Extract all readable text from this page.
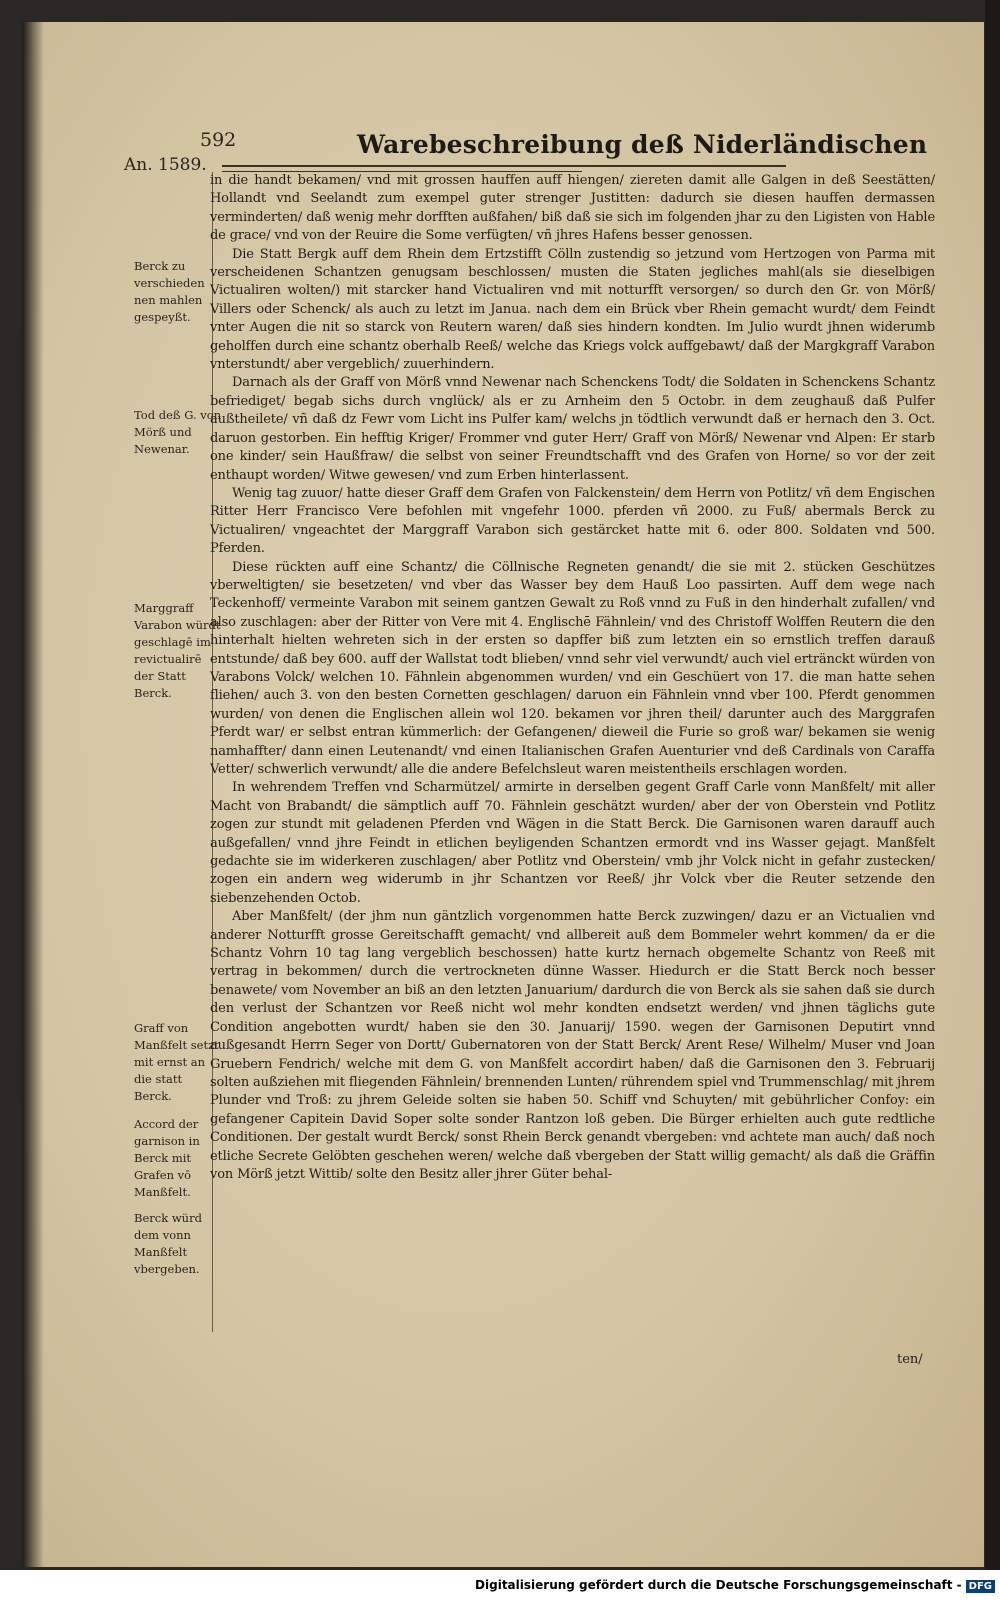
An. 1589.
592	Warebeschreibung deß Niderländischen
Berck zu verschieden nen mahlen gespeyßt.
Tod deß G. von Mörß und Newenar.
Marggraff Varabon würdt geschlagē im revictualirē der Statt Berck.
Graff von Manßfelt setzt mit ernst an die statt Berck.
Accord der garnison in Berck mit Grafen vō Manßfelt.
Berck würd dem vonn Manßfelt vbergeben.

in die handt bekamen/ vnd mit grossen hauffen auff hiengen/ ziereten damit alle Galgen in deß Seestätten/ Hollandt vnd Seelandt zum exempel guter strenger Justitten: dadurch sie diesen hauffen dermassen verminderten/ daß wenig mehr dorfften außfahen/ biß daß sie sich im folgenden jhar zu den Ligisten von Hable de grace/ vnd von der Reuire die Some verfügten/ vñ jhres Hafens besser genossen.

Die Statt Bergk auff dem Rhein dem Ertzstifft Cölln zustendig so jetzund vom Hertzogen von Parma mit verscheidenen Schantzen genugsam beschlossen/ musten die Staten jegliches mahl(als sie dieselbigen Victualiren wolten/) mit starcker hand Victualiren vnd mit notturfft versorgen/ so durch den Gr. von Mörß/ Villers oder Schenck/ als auch zu letzt im Janua. nach dem ein Brück vber Rhein gemacht wurdt/ dem Feindt vnter Augen die nit so starck von Reutern waren/ daß sies hindern kondten. Im Julio wurdt jhnen widerumb geholffen durch eine schantz oberhalb Reeß/ welche das Kriegs volck auffgebawt/ daß der Margkgraff Varabon vnterstundt/ aber vergeblich/ zuuerhindern.

Darnach als der Graff von Mörß vnnd Newenar nach Schenckens Todt/ die Soldaten in Schenckens Schantz befriediget/ begab sichs durch vnglück/ als er zu Arnheim den 5 Octobr. in dem zeughauß daß Pulfer außtheilete/ vñ daß dz Fewr vom Licht ins Pulfer kam/ welchs jn tödtlich verwundt daß er hernach den 3. Oct. daruon gestorben. Ein hefftig Kriger/ Frommer vnd guter Herr/ Graff von Mörß/ Newenar vnd Alpen: Er starb one kinder/ sein Haußfraw/ die selbst von seiner Freundtschafft vnd des Grafen von Horne/ so vor der zeit enthaupt worden/ Witwe gewesen/ vnd zum Erben hinterlassent.

Wenig tag zuuor/ hatte dieser Graff dem Grafen von Falckenstein/ dem Herrn von Potlitz/ vñ dem Engischen Ritter Herr Francisco Vere befohlen mit vngefehr 1000. pferden vñ 2000. zu Fuß/ abermals Berck zu Victualiren/ vngeachtet der Marggraff Varabon sich gestärcket hatte mit 6. oder 800. Soldaten vnd 500. Pferden.

Diese rückten auff eine Schantz/ die Cöllnische Regneten genandt/ die sie mit 2. stücken Geschützes vberweltigten/ sie besetzeten/ vnd vber das Wasser bey dem Hauß Loo passirten. Auff dem wege nach Teckenhoff/ vermeinte Varabon mit seinem gantzen Gewalt zu Roß vnnd zu Fuß in den hinderhalt zufallen/ vnd also zuschlagen: aber der Ritter von Vere mit 4. Englischē Fähnlein/ vnd des Christoff Wolffen Reutern die den hinterhalt hielten wehreten sich in der ersten so dapffer biß zum letzten ein so ernstlich treffen darauß entstunde/ daß bey 600. auff der Wallstat todt blieben/ vnnd sehr viel verwundt/ auch viel ertränckt würden von Varabons Volck/ welchen 10. Fähnlein abgenommen wurden/ vnd ein Geschüert von 17. die man hatte sehen fliehen/ auch 3. von den besten Cornetten geschlagen/ daruon ein Fähnlein vnnd vber 100. Pferdt genommen wurden/ von denen die Englischen allein wol 120. bekamen vor jhren theil/ darunter auch des Marggrafen Pferdt war/ er selbst entran kümmerlich: der Gefangenen/ dieweil die Furie so groß war/ bekamen sie wenig namhaffter/ dann einen Leutenandt/ vnd einen Italianischen Grafen Auenturier vnd deß Cardinals von Caraffa Vetter/ schwerlich verwundt/ alle die andere Befelchsleut waren meistentheils erschlagen worden.

In wehrendem Treffen vnd Scharmützel/ armirte in derselben gegent Graff Carle vonn Manßfelt/ mit aller Macht von Brabandt/ die sämptlich auff 70. Fähnlein geschätzt wurden/ aber der von Oberstein vnd Potlitz zogen zur stundt mit geladenen Pferden vnd Wägen in die Statt Berck. Die Garnisonen waren darauff auch außgefallen/ vnnd jhre Feindt in etlichen beyligenden Schantzen ermordt vnd ins Wasser gejagt. Manßfelt gedachte sie im widerkeren zuschlagen/ aber Potlitz vnd Oberstein/ vmb jhr Volck nicht in gefahr zustecken/ zogen ein andern weg widerumb in jhr Schantzen vor Reeß/ jhr Volck vber die Reuter setzende den siebenzehenden Octob.

Aber Manßfelt/ (der jhm nun gäntzlich vorgenommen hatte Berck zuzwingen/ dazu er an Victualien vnd anderer Notturfft grosse Gereitschafft gemacht/ vnd allbereit auß dem Bommeler wehrt kommen/ da er die Schantz Vohrn 10 tag lang vergeblich beschossen) hatte kurtz hernach obgemelte Schantz von Reeß mit vertrag in bekommen/ durch die vertrockneten dünne Wasser. Hiedurch er die Statt Berck noch besser benawete/ vom November an biß an den letzten Januarium/ dardurch die von Berck als sie sahen daß sie durch den verlust der Schantzen vor Reeß nicht wol mehr kondten endsetzt werden/ vnd jhnen täglichs gute Condition angebotten wurdt/ haben sie den 30. Januarij/ 1590. wegen der Garnisonen Deputirt vnnd außgesandt Herrn Seger von Dortt/ Gubernatoren von der Statt Berck/ Arent Rese/ Wilhelm/ Muser vnd Joan Gruebern Fendrich/ welche mit dem G. von Manßfelt accordirt haben/ daß die Garnisonen den 3. Februarij solten außziehen mit fliegenden Fähnlein/ brennenden Lunten/ rührendem spiel vnd Trummenschlag/ mit jhrem Plunder vnd Troß: zu jhrem Geleide solten sie haben 50. Schiff vnd Schuyten/ mit gebührlicher Confoy: ein gefangener Capitein David Soper solte sonder Rantzon loß geben. Die Bürger erhielten auch gute redtliche Conditionen. Der gestalt wurdt Berck/ sonst Rhein Berck genandt vbergeben: vnd achtete man auch/ daß noch etliche Secrete Gelöbten geschehen weren/ welche daß vbergeben der Statt willig gemacht/ als daß die Gräffin von Mörß jetzt Wittib/ solte den Besitz aller jhrer Güter behal-

ten/
Digitalisierung gefördert durch die Deutsche Forschungsgemeinschaft - DFG
